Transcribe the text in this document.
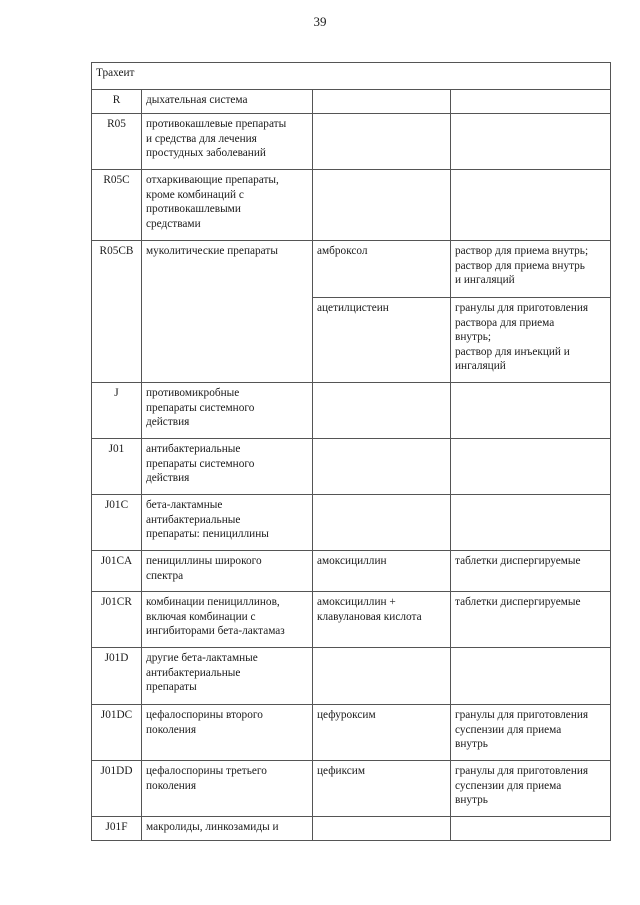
39
Трахеит			
R	дыхательная система		
R05	противокашлевые препараты
и средства для лечения
простудных заболеваний		
R05C	отхаркивающие препараты,
кроме комбинаций с
противокашлевыми
средствами		
R05CB	муколитические препараты	амброксол	раствор для приема внутрь;
раствор для приема внутрь
и ингаляций
		ацетилцистеин	гранулы для приготовления
раствора для приема
внутрь;
раствор для инъекций и
ингаляций
J	противомикробные
препараты системного
действия		
J01	антибактериальные
препараты системного
действия		
J01C	бета-лактамные
антибактериальные
препараты: пенициллины		
J01CA	пенициллины широкого
спектра	амоксициллин	таблетки диспергируемые
J01CR	комбинации пенициллинов,
включая комбинации с
ингибиторами бета-лактамаз	амоксициллин +
клавулановая кислота	таблетки диспергируемые
J01D	другие бета-лактамные
антибактериальные
препараты		
J01DC	цефалоспорины второго
поколения	цефуроксим	гранулы для приготовления
суспензии для приема
внутрь
J01DD	цефалоспорины третьего
поколения	цефиксим	гранулы для приготовления
суспензии для приема
внутрь
J01F	макролиды, линкозамиды и		
